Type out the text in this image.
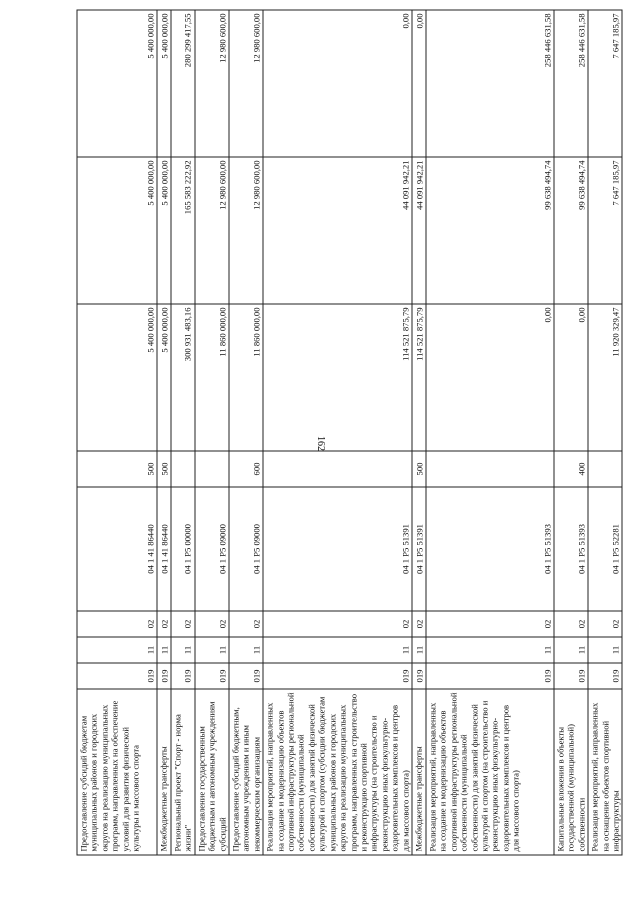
162
Предоставление субсидий бюджетам муниципальных районов и городских округов на реализацию муниципальных программ, направленных на обеспечение условий для развития физической культуры и массового спорта	019	11	02	04 1 41 86440	500	5 400 000,00	5 400 000,00	5 400 000,00
Межбюджетные трансферты	019	11	02	04 1 41 86440	500	5 400 000,00	5 400 000,00	5 400 000,00
Региональный проект "Спорт - норма жизни"	019	11	02	04 1 P5 00000		300 931 483,16	165 583 222,92	280 299 417,55
Предоставление государственным бюджетным и автономным учреждениям субсидий	019	11	02	04 1 P5 09000		11 860 000,00	12 980 600,00	12 980 600,00
Предоставление субсидий бюджетным, автономным учреждениям и иным некоммерческим организациям	019	11	02	04 1 P5 09000	600	11 860 000,00	12 980 600,00	12 980 600,00
Реализация мероприятий, направленных на создание и модернизацию объектов спортивной инфраструктуры региональной собственности (муниципальной собственности) для занятий физической культурой и спортом (субсидии бюджетам муниципальных районов и городских округов на реализацию муниципальных программ, направленных на строительство и реконструкцию спортивной инфраструктуры (на строительство и реконструкцию иных физкультурно-оздоровительных комплексов и центров для массового спорта)	019	11	02	04 1 P5 51391		114 521 875,79	44 091 942,21	0,00
Межбюджетные трансферты	019	11	02	04 1 P5 51391	500	114 521 875,79	44 091 942,21	0,00
Реализация мероприятий, направленных на создание и модернизацию объектов спортивной инфраструктуры региональной собственности (муниципальной собственности) для занятий физической культурой и спортом (на строительство и реконструкцию иных физкультурно-оздоровительных комплексов и центров для массового спорта)	019	11	02	04 1 P5 51393		0,00	99 638 494,74	258 446 631,58
Капитальные вложения в объекты государственной (муниципальной) собственности	019	11	02	04 1 P5 51393	400	0,00	99 638 494,74	258 446 631,58
Реализация мероприятий, направленных на оснащение объектов спортивной инфраструктуры	019	11	02	04 1 P5 52281		11 920 329,47	7 647 185,97	7 647 185,97
